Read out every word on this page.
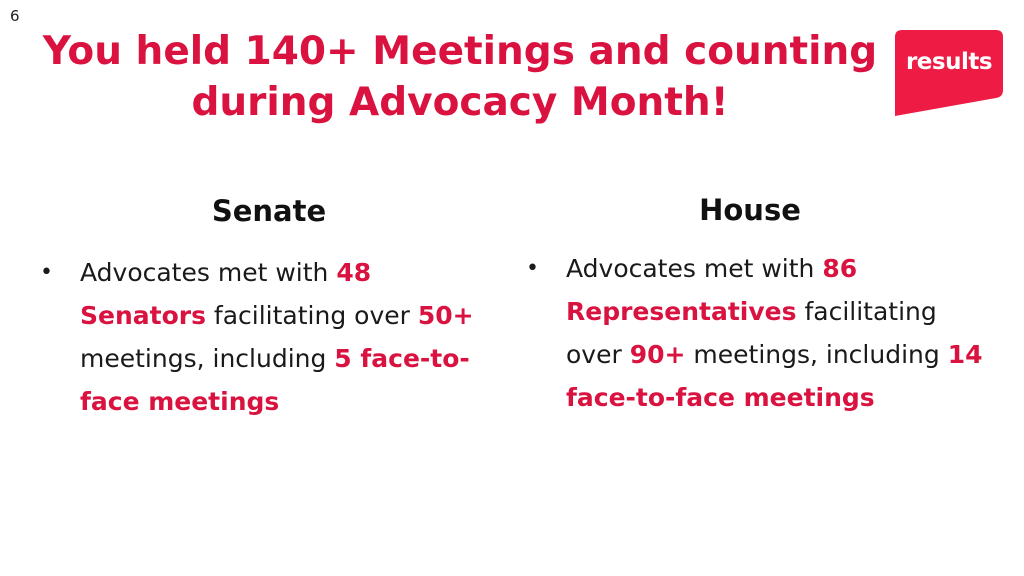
6
You held 140+ Meetings and counting
during Advocacy Month!
results
Senate
• Advocates met with 48 Senators facilitating over 50+ meetings, including 5 face-to-face meetings
House
• Advocates met with 86 Representatives facilitating over 90+ meetings, including 14 face-to-face meetings
